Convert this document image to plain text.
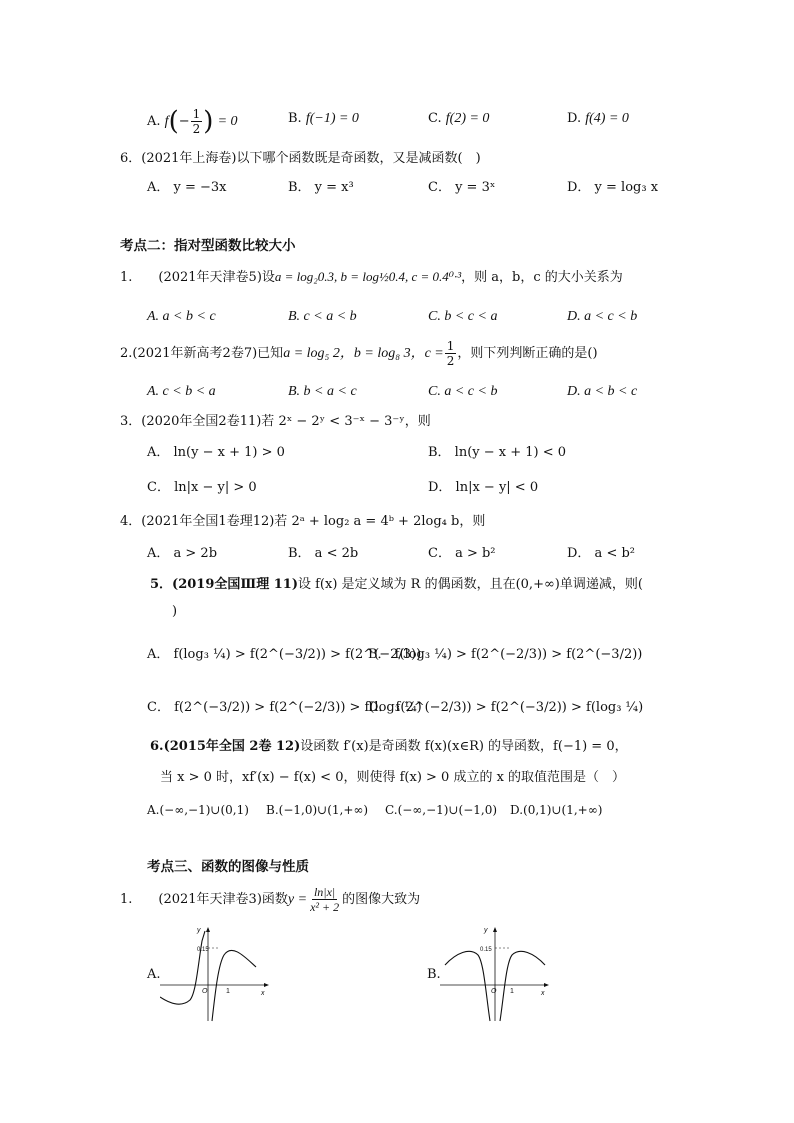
A. $f(- \frac{1}{2}$ ) = 0	B. f(−1) = 0	C. f(2) = 0	D. f(4) = 0
6．(2021年上海卷)以下哪个函数既是奇函数，又是减函数(　)
A． y = −3x	B． y = x³	C． y = 3ˣ	D． y = log₃ x
考点二：指对型函数比较大小
1.　　(2021年天津卷5)设a = log₂0.3, b = log½0.4, c = 0.4⁰·³，则 a，b，c 的大小关系为
A. a < b < c	B. c < a < b	C. b < c < a	D. a < c < b
2.(2021年新高考2卷7)已知a = log₅ 2，b = log₈ 3，$c = \frac{1}{2}$ ，则下列判断正确的是()
A. c < b < a	B. b < a < c	C. a < c < b	D. a < b < c
3．(2020年全国2卷11)若 2ˣ − 2ʸ < 3⁻ˣ − 3⁻ʸ，则
A． ln(y − x + 1) > 0	B． ln(y − x + 1) < 0
C． ln|x − y| > 0	D． ln|x − y| < 0
4．(2021年全国1卷理12)若 2ᵃ + log₂ a = 4ᵇ + 2log₄ b，则
A． a > 2b	B． a < 2b	C． a > b²	D． a < b²
5．(2019全国Ⅲ理 11)设 f(x) 是定义域为 R 的偶函数，且在(0,+∞)单调递减，则(
)
A． f(log₃ ¼) > f(2^(−3/2)) > f(2^(−2/3))
B． f(log₃ ¼) > f(2^(−2/3)) > f(2^(−3/2))
C． f(2^(−3/2)) > f(2^(−2/3)) > f(log₃ ¼)
D． f(2^(−2/3)) > f(2^(−3/2)) > f(log₃ ¼)
6.(2015年全国 2卷 12)设函数 f′(x)是奇函数 f(x)(x∈R) 的导函数，f(−1) = 0，
当 x > 0 时，xf′(x) − f(x) < 0，则使得 f(x) > 0 成立的 x 的取值范围是（　）
A.(−∞,−1)∪(0,1) B.(−1,0)∪(1,+∞) C.(−∞,−1)∪(−1,0) D.(0,1)∪(1,+∞)
考点三、函数的图像与性质
1.　　(2021年天津卷3)函数$y = \frac{\ln|x|}{\text{x² + 2}}$ 的图像大致为
A.
0.15
y
x
O	1
B.
0.15
y
x
O 1
